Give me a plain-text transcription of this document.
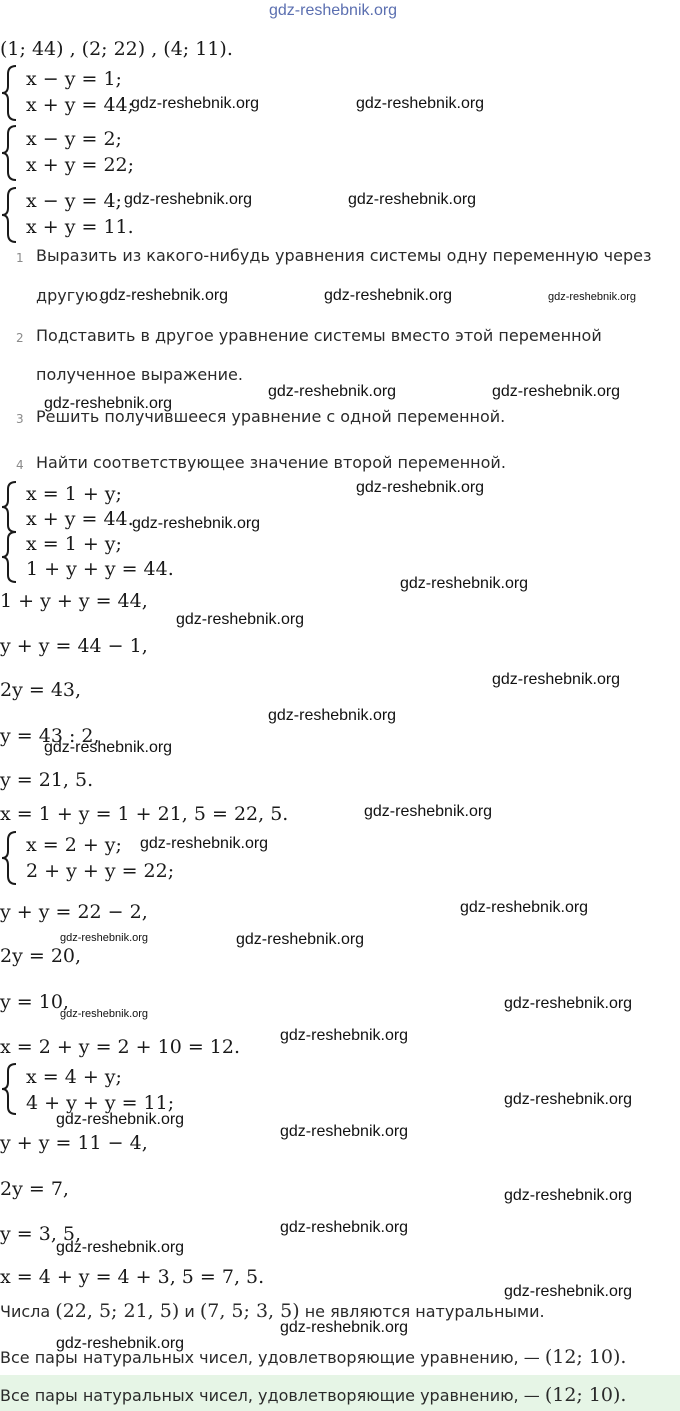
gdz-reshebnik.org
(1; 44) , (2; 22) , (4; 11).
x − y = 1;
x + y = 44;
x − y = 2;
x + y = 22;
x − y = 4;
x + y = 11.
1 Выразить из какого-нибудь уравнения системы одну переменную через
другую.
2 Подставить в другое уравнение системы вместо этой переменной
полученное выражение.
3 Решить получившееся уравнение с одной переменной.
4 Найти соответствующее значение второй переменной.
x = 1 + y;
x + y = 44.
x = 1 + y;
1 + y + y = 44.
1 + y + y = 44,
y + y = 44 − 1,
2y = 43,
y = 43 : 2,
y = 21, 5.
x = 1 + y = 1 + 21, 5 = 22, 5.
x = 2 + y;
2 + y + y = 22;
y + y = 22 − 2,
2y = 20,
y = 10,
x = 2 + y = 2 + 10 = 12.
x = 4 + y;
4 + y + y = 11;
y + y = 11 − 4,
2y = 7,
y = 3, 5,
x = 4 + y = 4 + 3, 5 = 7, 5.
Числа (22, 5; 21, 5) и (7, 5; 3, 5) не являются натуральными.
Все пары натуральных чисел, удовлетворяющие уравнению, — (12; 10).
Все пары натуральных чисел, удовлетворяющие уравнению, — (12; 10).
gdz-reshebnik.org	gdz-reshebnik.org
gdz-reshebnik.org	gdz-reshebnik.org
gdz-reshebnik.org	gdz-reshebnik.org	gdz-reshebnik.org
gdz-reshebnik.org	gdz-reshebnik.org
gdz-reshebnik.org
gdz-reshebnik.org
gdz-reshebnik.org
gdz-reshebnik.org
gdz-reshebnik.org
gdz-reshebnik.org
gdz-reshebnik.org
gdz-reshebnik.org
gdz-reshebnik.org
gdz-reshebnik.org
gdz-reshebnik.org
gdz-reshebnik.org	gdz-reshebnik.org
gdz-reshebnik.org
gdz-reshebnik.org
gdz-reshebnik.org
gdz-reshebnik.org
gdz-reshebnik.org
gdz-reshebnik.org
gdz-reshebnik.org
gdz-reshebnik.org
gdz-reshebnik.org
gdz-reshebnik.org
gdz-reshebnik.org
gdz-reshebnik.org
